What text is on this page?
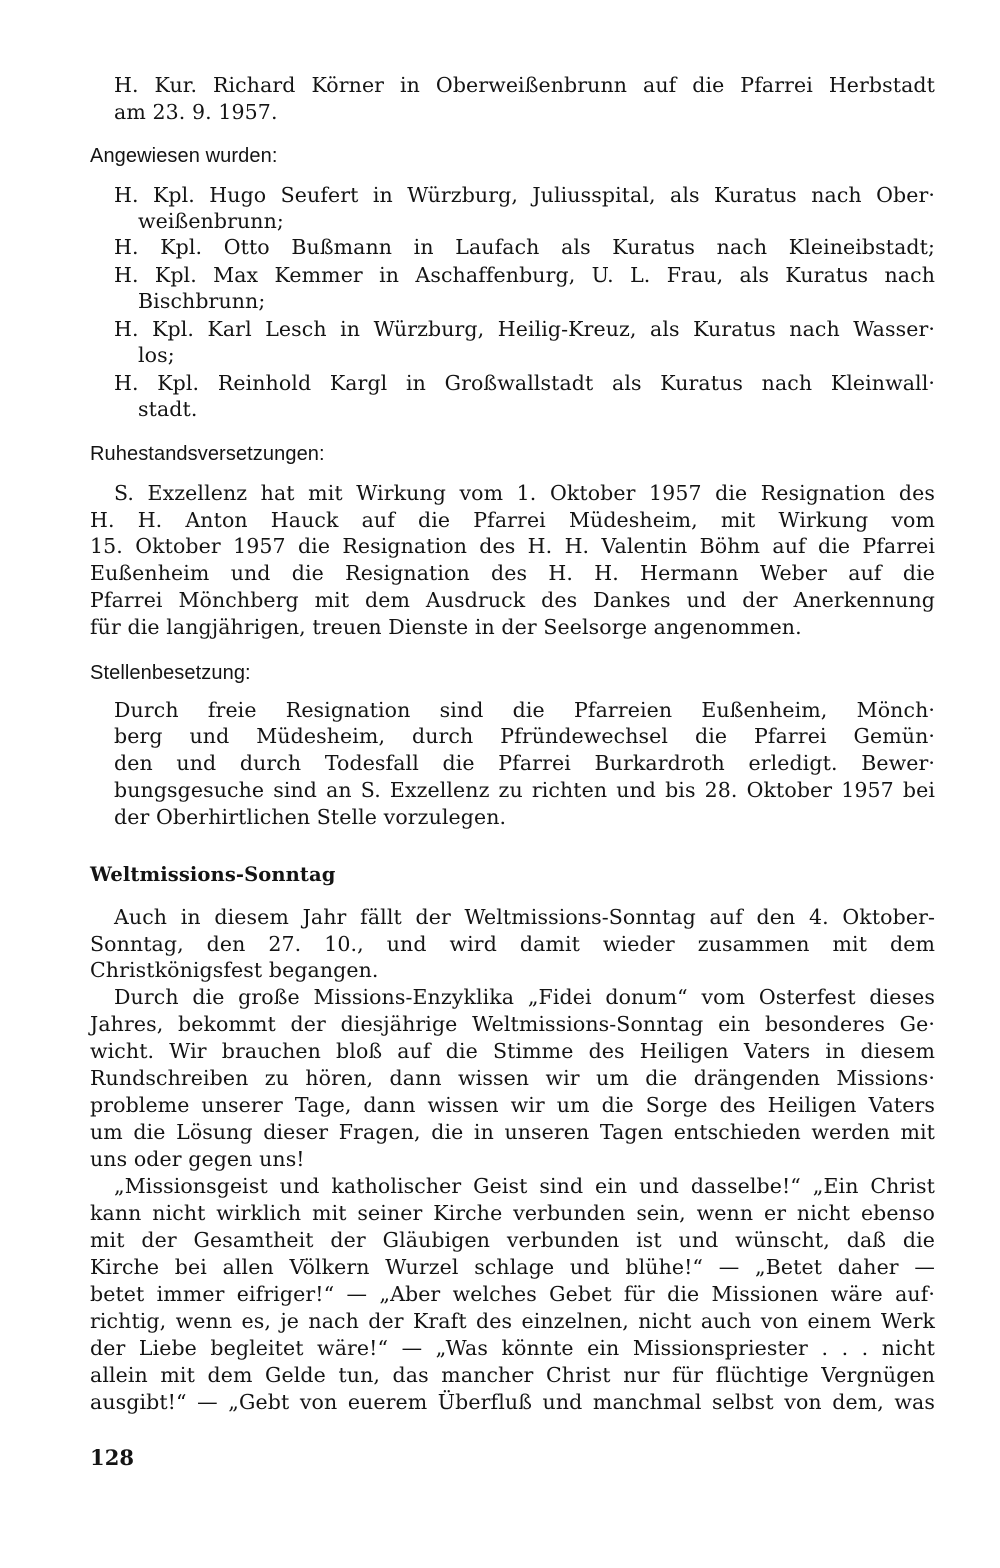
H. Kur. Richard Körner in Oberweißenbrunn auf die Pfarrei Herbstadt
am 23. 9. 1957.
Angewiesen wurden:
H. Kpl. Hugo Seufert in Würzburg, Juliusspital, als Kuratus nach Ober·
weißenbrunn;
H. Kpl. Otto Bußmann in Laufach als Kuratus nach Kleineibstadt;
H. Kpl. Max Kemmer in Aschaffenburg, U. L. Frau, als Kuratus nach
Bischbrunn;
H. Kpl. Karl Lesch in Würzburg, Heilig-Kreuz, als Kuratus nach Wasser·
los;
H. Kpl. Reinhold Kargl in Großwallstadt als Kuratus nach Kleinwall·
stadt.
Ruhestandsversetzungen:
S. Exzellenz hat mit Wirkung vom 1. Oktober 1957 die Resignation des
H. H. Anton Hauck auf die Pfarrei Müdesheim, mit Wirkung vom
15. Oktober 1957 die Resignation des H. H. Valentin Böhm auf die Pfarrei
Eußenheim und die Resignation des H. H. Hermann Weber auf die
Pfarrei Mönchberg mit dem Ausdruck des Dankes und der Anerkennung
für die langjährigen, treuen Dienste in der Seelsorge angenommen.
Stellenbesetzung:
Durch freie Resignation sind die Pfarreien Eußenheim, Mönch·
berg und Müdesheim, durch Pfründewechsel die Pfarrei Gemün·
den und durch Todesfall die Pfarrei Burkardroth erledigt. Bewer·
bungsgesuche sind an S. Exzellenz zu richten und bis 28. Oktober 1957 bei
der Oberhirtlichen Stelle vorzulegen.
Weltmissions-Sonntag
Auch in diesem Jahr fällt der Weltmissions-Sonntag auf den 4. Oktober-
Sonntag, den 27. 10., und wird damit wieder zusammen mit dem
Christkönigsfest begangen.
Durch die große Missions-Enzyklika „Fidei donum“ vom Osterfest dieses
Jahres, bekommt der diesjährige Weltmissions-Sonntag ein besonderes Ge·
wicht. Wir brauchen bloß auf die Stimme des Heiligen Vaters in diesem
Rundschreiben zu hören, dann wissen wir um die drängenden Missions·
probleme unserer Tage, dann wissen wir um die Sorge des Heiligen Vaters
um die Lösung dieser Fragen, die in unseren Tagen entschieden werden mit
uns oder gegen uns!
„Missionsgeist und katholischer Geist sind ein und dasselbe!“ „Ein Christ
kann nicht wirklich mit seiner Kirche verbunden sein, wenn er nicht ebenso
mit der Gesamtheit der Gläubigen verbunden ist und wünscht, daß die
Kirche bei allen Völkern Wurzel schlage und blühe!“ — „Betet daher —
betet immer eifriger!“ — „Aber welches Gebet für die Missionen wäre auf·
richtig, wenn es, je nach der Kraft des einzelnen, nicht auch von einem Werk
der Liebe begleitet wäre!“ — „Was könnte ein Missionspriester . . . nicht
allein mit dem Gelde tun, das mancher Christ nur für flüchtige Vergnügen
ausgibt!“ — „Gebt von euerem Überfluß und manchmal selbst von dem, was
128
